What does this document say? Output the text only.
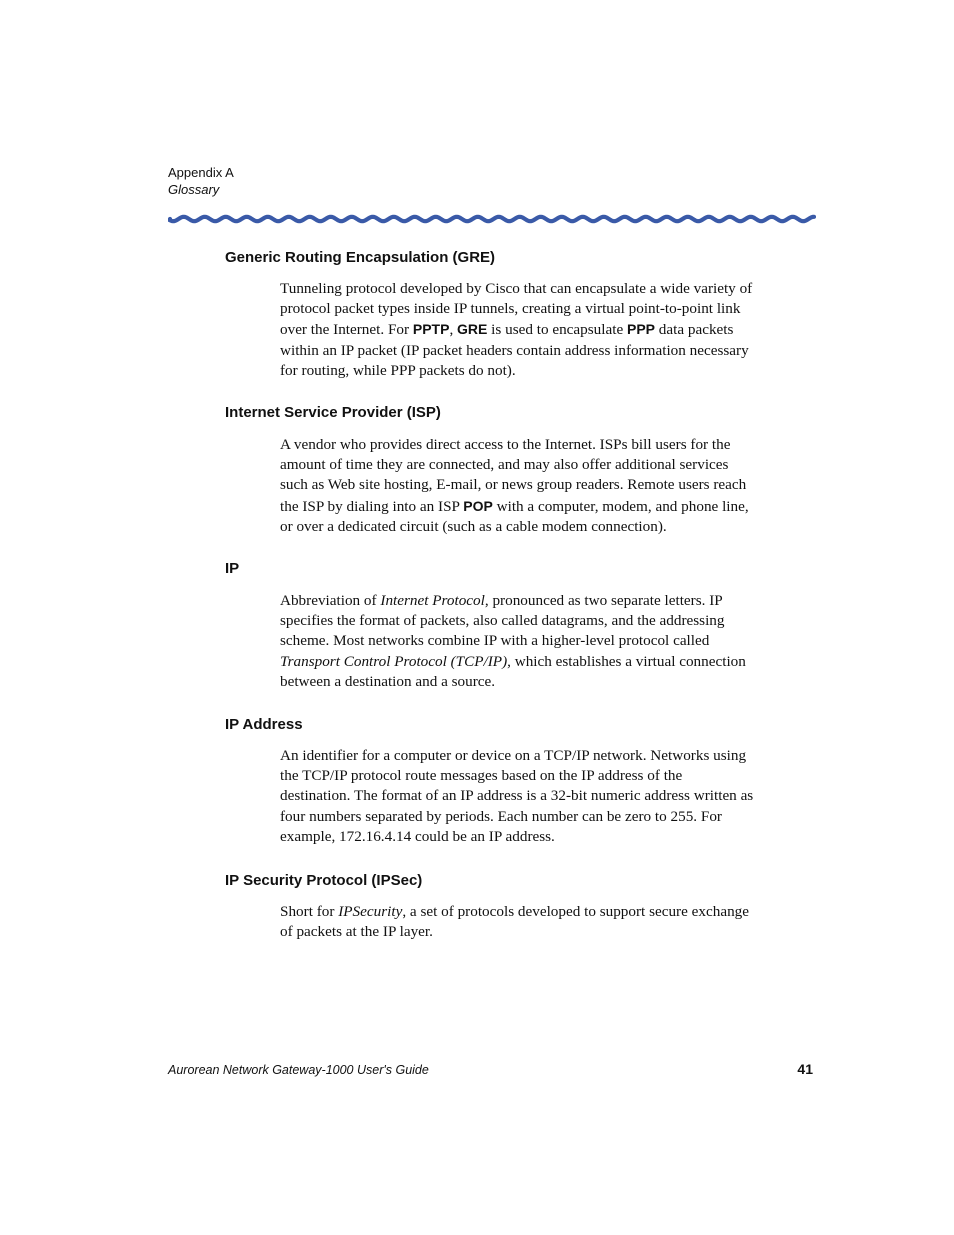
Appendix A
Glossary
Generic Routing Encapsulation (GRE)

Tunneling protocol developed by Cisco that can encapsulate a wide variety of
protocol packet types inside IP tunnels, creating a virtual point-to-point link
over the Internet. For PPTP, GRE is used to encapsulate PPP data packets
within an IP packet (IP packet headers contain address information necessary
for routing, while PPP packets do not).

Internet Service Provider (ISP)

A vendor who provides direct access to the Internet. ISPs bill users for the
amount of time they are connected, and may also offer additional services
such as Web site hosting, E-mail, or news group readers. Remote users reach
the ISP by dialing into an ISP POP with a computer, modem, and phone line,
or over a dedicated circuit (such as a cable modem connection).

IP

Abbreviation of Internet Protocol, pronounced as two separate letters. IP
specifies the format of packets, also called datagrams, and the addressing
scheme. Most networks combine IP with a higher-level protocol called
Transport Control Protocol (TCP/IP), which establishes a virtual connection
between a destination and a source.

IP Address

An identifier for a computer or device on a TCP/IP network. Networks using
the TCP/IP protocol route messages based on the IP address of the
destination. The format of an IP address is a 32-bit numeric address written as
four numbers separated by periods. Each number can be zero to 255. For
example, 172.16.4.14 could be an IP address.

IP Security Protocol (IPSec)

Short for IPSecurity, a set of protocols developed to support secure exchange
of packets at the IP layer.

Aurorean Network Gateway-1000 User's Guide	41
